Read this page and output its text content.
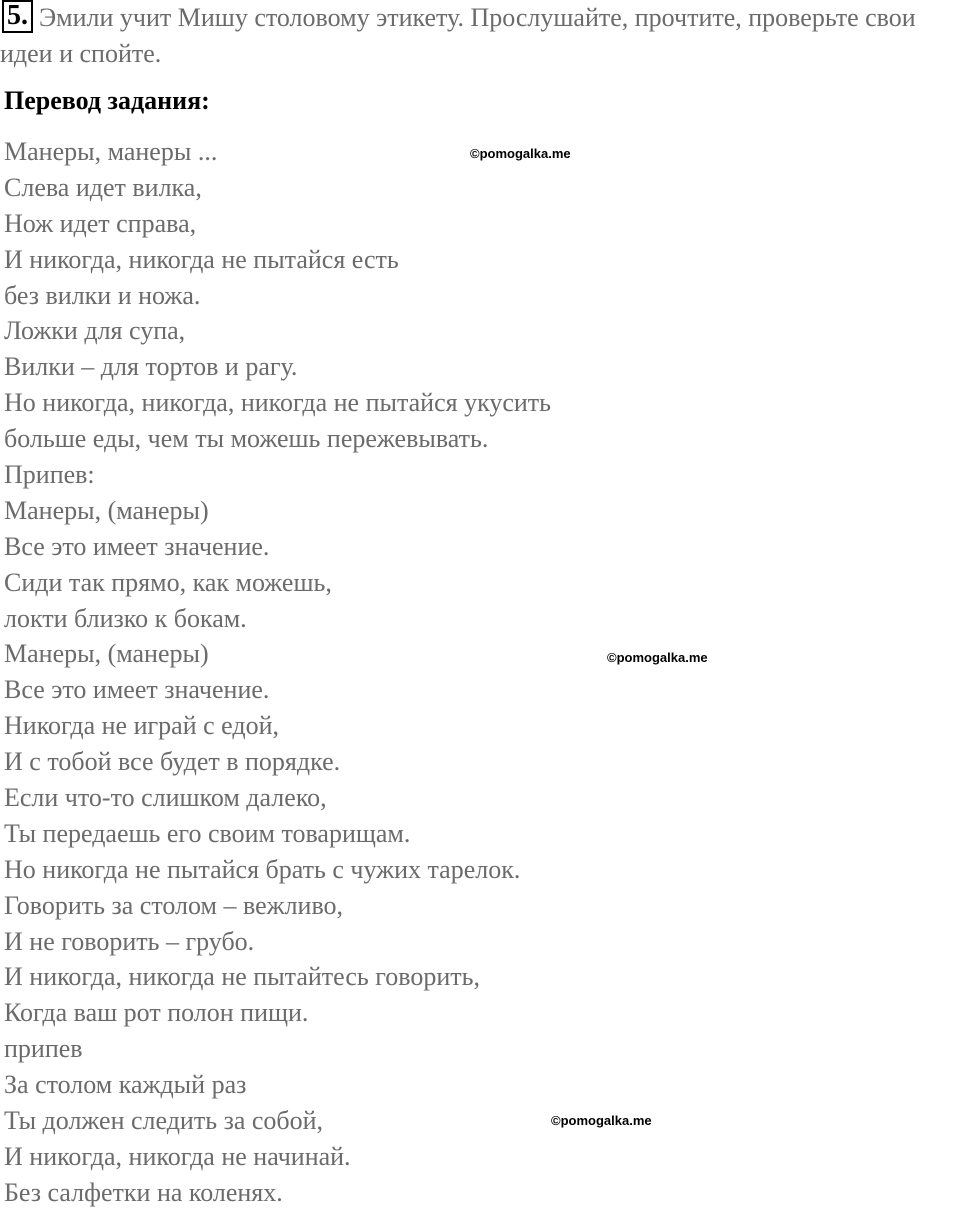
5. Эмили учит Мишу столовому этикету. Прослушайте, прочтите, проверьте свои идеи и спойте.

Перевод задания:
Манеры, манеры ...
Слева идет вилка,
Нож идет справа,
И никогда, никогда не пытайся есть
без вилки и ножа.
Ложки для супа,
Вилки – для тортов и рагу.
Но никогда, никогда, никогда не пытайся укусить
больше еды, чем ты можешь пережевывать.
Припев:
Манеры, (манеры)
Все это имеет значение.
Сиди так прямо, как можешь,
локти близко к бокам.
Манеры, (манеры)
Все это имеет значение.
Никогда не играй с едой,
И с тобой все будет в порядке.
Если что-то слишком далеко,
Ты передаешь его своим товарищам.
Но никогда не пытайся брать с чужих тарелок.
Говорить за столом – вежливо,
И не говорить – грубо.
И никогда, никогда не пытайтесь говорить,
Когда ваш рот полон пищи.
припев
За столом каждый раз
Ты должен следить за собой,
И никогда, никогда не начинай.
Без салфетки на коленях.
©pomogalka.me
©pomogalka.me
©pomogalka.me
